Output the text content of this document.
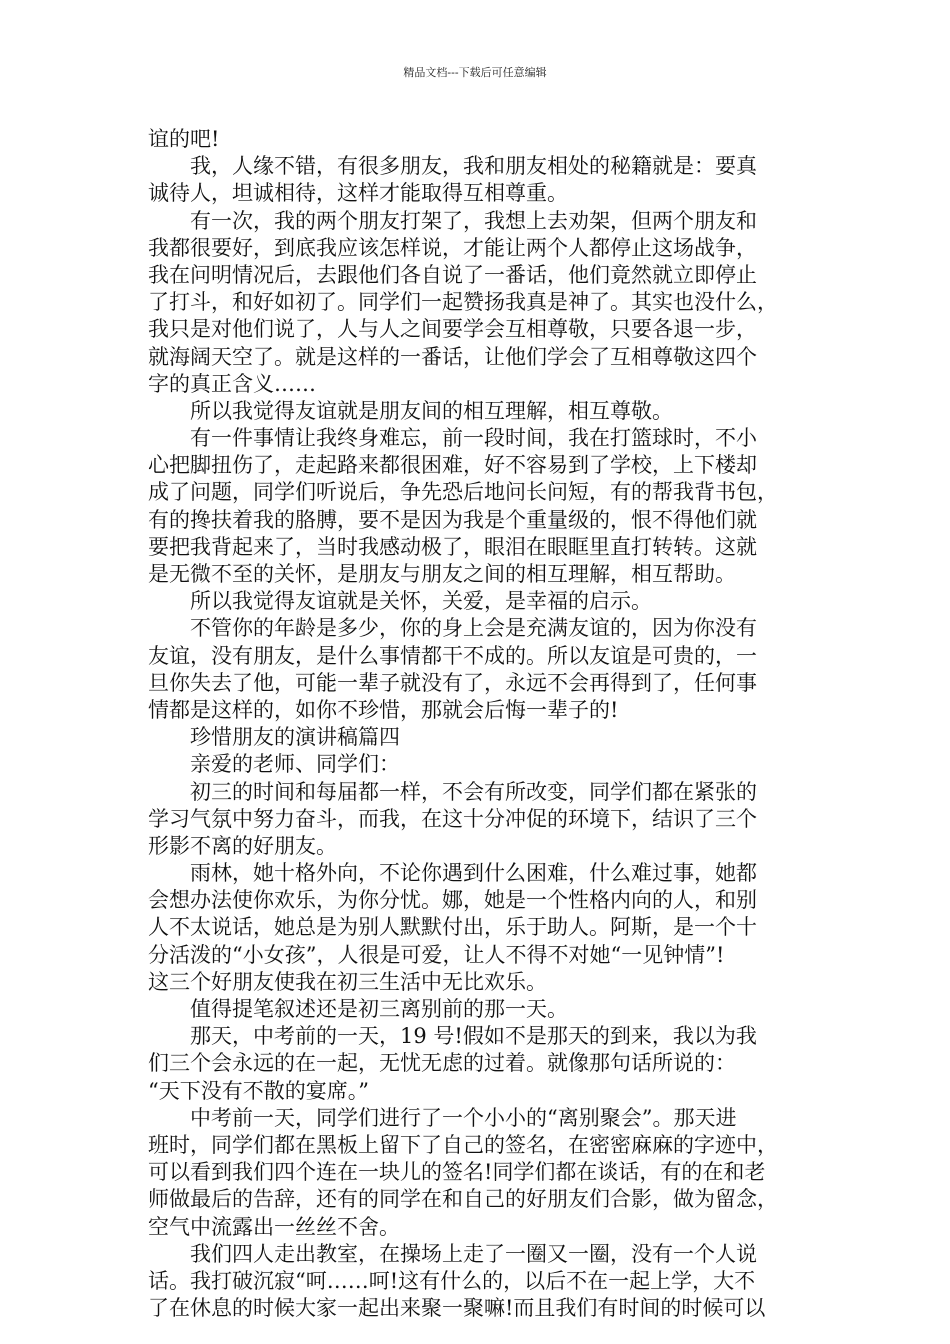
精品文档---下载后可任意编辑
谊的吧!
我，人缘不错，有很多朋友，我和朋友相处的秘籍就是：要真
诚待人，坦诚相待，这样才能取得互相尊重。
有一次，我的两个朋友打架了，我想上去劝架，但两个朋友和
我都很要好，到底我应该怎样说，才能让两个人都停止这场战争，
我在问明情况后，去跟他们各自说了一番话，他们竟然就立即停止
了打斗，和好如初了。同学们一起赞扬我真是神了。其实也没什么，
我只是对他们说了，人与人之间要学会互相尊敬，只要各退一步，
就海阔天空了。就是这样的一番话，让他们学会了互相尊敬这四个
字的真正含义……
所以我觉得友谊就是朋友间的相互理解，相互尊敬。
有一件事情让我终身难忘，前一段时间，我在打篮球时，不小
心把脚扭伤了，走起路来都很困难，好不容易到了学校，上下楼却
成了问题，同学们听说后，争先恐后地问长问短，有的帮我背书包，
有的搀扶着我的胳膊，要不是因为我是个重量级的，恨不得他们就
要把我背起来了，当时我感动极了，眼泪在眼眶里直打转转。这就
是无微不至的关怀，是朋友与朋友之间的相互理解，相互帮助。
所以我觉得友谊就是关怀，关爱，是幸福的启示。
不管你的年龄是多少，你的身上会是充满友谊的，因为你没有
友谊，没有朋友，是什么事情都干不成的。所以友谊是可贵的，一
旦你失去了他，可能一辈子就没有了，永远不会再得到了，任何事
情都是这样的，如你不珍惜，那就会后悔一辈子的!
珍惜朋友的演讲稿篇四
亲爱的老师、同学们：
初三的时间和每届都一样，不会有所改变，同学们都在紧张的
学习气氛中努力奋斗，而我，在这十分冲促的环境下，结识了三个
形影不离的好朋友。
雨林，她十格外向，不论你遇到什么困难，什么难过事，她都
会想办法使你欢乐，为你分忧。娜，她是一个性格内向的人，和别
人不太说话，她总是为别人默默付出，乐于助人。阿斯，是一个十
分活泼的“小女孩”，人很是可爱，让人不得不对她“一见钟情”!
这三个好朋友使我在初三生活中无比欢乐。
值得提笔叙述还是初三离别前的那一天。
那天，中考前的一天，19 号!假如不是那天的到来，我以为我
们三个会永远的在一起，无忧无虑的过着。就像那句话所说的：
“天下没有不散的宴席。”
中考前一天，同学们进行了一个小小的“离别聚会”。那天进
班时，同学们都在黑板上留下了自己的签名，在密密麻麻的字迹中，
可以看到我们四个连在一块儿的签名!同学们都在谈话，有的在和老
师做最后的告辞，还有的同学在和自己的好朋友们合影，做为留念，
空气中流露出一丝丝不舍。
我们四人走出教室，在操场上走了一圈又一圈，没有一个人说
话。我打破沉寂“呵……呵!这有什么的，以后不在一起上学，大不
了在休息的时候大家一起出来聚一聚嘛!而且我们有时间的时候可以
